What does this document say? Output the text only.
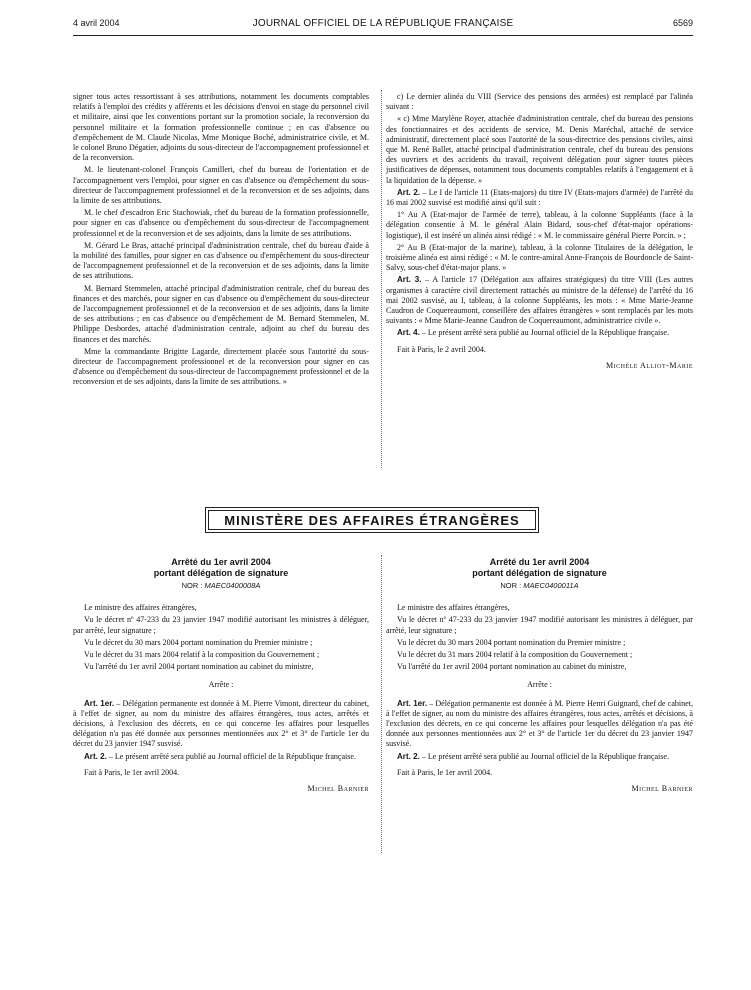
4 avril 2004	JOURNAL OFFICIEL DE LA RÉPUBLIQUE FRANÇAISE	6569

signer tous actes ressortissant à ses attributions, notamment les documents comptables relatifs à l'emploi des crédits y afférents et les décisions d'envoi en stage du personnel civil et militaire, ainsi que les conventions portant sur la promotion sociale, la reconversion du personnel militaire et la formation professionnelle continue ; en cas d'absence ou d'empêchement de M. Claude Nicolas, Mme Monique Boché, administratrice civile, et M. le colonel Bruno Dégatier, adjoints du sous-directeur de l'accompagnement professionnel et de la reconversion.

M. le lieutenant-colonel François Camilleri, chef du bureau de l'orientation et de l'accompagnement vers l'emploi, pour signer en cas d'absence ou d'empêchement du sous-directeur de l'accompagnement professionnel et de la reconversion et de ses adjoints, dans la limite de ses attributions.

M. le chef d'escadron Eric Stachowiak, chef du bureau de la formation professionnelle, pour signer en cas d'absence ou d'empêchement du sous-directeur de l'accompagnement professionnel et de la reconversion et de ses adjoints, dans la limite de ses attributions.

M. Gérard Le Bras, attaché principal d'administration centrale, chef du bureau d'aide à la mobilité des familles, pour signer en cas d'absence ou d'empêchement du sous-directeur de l'accompagnement professionnel et de la reconversion et de ses adjoints, dans la limite de ses attributions.

M. Bernard Stemmelen, attaché principal d'administration centrale, chef du bureau des finances et des marchés, pour signer en cas d'absence ou d'empêchement du sous-directeur de l'accompagnement professionnel et de la reconversion et de ses adjoints, dans la limite de ses attributions ; en cas d'absence ou d'empêchement de M. Bernard Stemmelen, M. Philippe Desbordes, attaché d'administration centrale, adjoint au chef du bureau des finances et des marchés.

Mme la commandante Brigitte Lagarde, directement placée sous l'autorité du sous-directeur de l'accompagnement professionnel et de la reconversion pour signer en cas d'absence ou d'empêchement du sous-directeur de l'accompagnement professionnel et de la reconversion et de ses adjoints, dans la limite de ses attributions. »

c) Le dernier alinéa du VIII (Service des pensions des armées) est remplacé par l'alinéa suivant :

« c) Mme Marylène Royer, attachée d'administration centrale, chef du bureau des pensions des fonctionnaires et des accidents de service, M. Denis Maréchal, attaché de service administratif, directement placé sous l'autorité de la sous-directrice des pensions civiles, ainsi que M. René Ballet, attaché principal d'administration centrale, chef du bureau des pensions des ouvriers et des accidents du travail, reçoivent délégation pour signer toutes pièces justificatives de dépenses, notamment tous documents comptables relatifs à l'engagement et à la liquidation de la dépense. »

Art. 2. – Le I de l'article 11 (Etats-majors) du titre IV (Etats-majors d'armée) de l'arrêté du 16 mai 2002 susvisé est modifié ainsi qu'il suit :

1° Au A (Etat-major de l'armée de terre), tableau, à la colonne Suppléants (face à la délégation consentie à M. le général Alain Bidard, sous-chef d'état-major opérations-logistique), il est inséré un alinéa ainsi rédigé : « M. le commissaire général Pierre Porcin. » ;

2° Au B (Etat-major de la marine), tableau, à la colonne Titulaires de la délégation, le troisième alinéa est ainsi rédigé : « M. le contre-amiral Anne-François de Bourdoncle de Saint-Salvy, sous-chef d'état-major plans. »

Art. 3. – A l'article 17 (Délégation aux affaires stratégiques) du titre VIII (Les autres organismes à caractère civil directement rattachés au ministre de la défense) de l'arrêté du 16 mai 2002 susvisé, au I, tableau, à la colonne Suppléants, les mots : « Mme Marie-Jeanne Caudron de Coquereaumont, conseillère des affaires étrangères » sont remplacés par les mots suivants : « Mme Marie-Jeanne Caudron de Coquereaumont, administratrice civile ».

Art. 4. – Le présent arrêté sera publié au Journal officiel de la République française.

Fait à Paris, le 2 avril 2004.

Michèle Alliot-Marie

MINISTÈRE DES AFFAIRES ÉTRANGÈRES
Arrêté du 1er avril 2004
portant délégation de signature
NOR : MAEC0400008A

Le ministre des affaires étrangères,

Vu le décret nº 47-233 du 23 janvier 1947 modifié autorisant les ministres à déléguer, par arrêté, leur signature ;

Vu le décret du 30 mars 2004 portant nomination du Premier ministre ;

Vu le décret du 31 mars 2004 relatif à la composition du Gouvernement ;

Vu l'arrêté du 1er avril 2004 portant nomination au cabinet du ministre,

Arrête :

Art. 1er. – Délégation permanente est donnée à M. Pierre Vimont, directeur du cabinet, à l'effet de signer, au nom du ministre des affaires étrangères, tous actes, arrêtés et décisions, à l'exclusion des décrets, en ce qui concerne les affaires pour lesquelles délégation n'a pas été donnée aux personnes mentionnées aux 2° et 3° de l'article 1er du décret du 23 janvier 1947 susvisé.

Art. 2. – Le présent arrêté sera publié au Journal officiel de la République française.

Fait à Paris, le 1er avril 2004.

Michel Barnier

Arrêté du 1er avril 2004
portant délégation de signature
NOR : MAEC0400011A

Le ministre des affaires étrangères,

Vu le décret nº 47-233 du 23 janvier 1947 modifié autorisant les ministres à déléguer, par arrêté, leur signature ;

Vu le décret du 30 mars 2004 portant nomination du Premier ministre ;

Vu le décret du 31 mars 2004 relatif à la composition du Gouvernement ;

Vu l'arrêté du 1er avril 2004 portant nomination au cabinet du ministre,

Arrête :

Art. 1er. – Délégation permanente est donnée à M. Pierre Henri Guignard, chef de cabinet, à l'effet de signer, au nom du ministre des affaires étrangères, tous actes, arrêtés et décisions, à l'exclusion des décrets, en ce qui concerne les affaires pour lesquelles délégation n'a pas été donnée aux personnes mentionnées aux 2° et 3° de l'article 1er du décret du 23 janvier 1947 susvisé.

Art. 2. – Le présent arrêté sera publié au Journal officiel de la République française.

Fait à Paris, le 1er avril 2004.

Michel Barnier
